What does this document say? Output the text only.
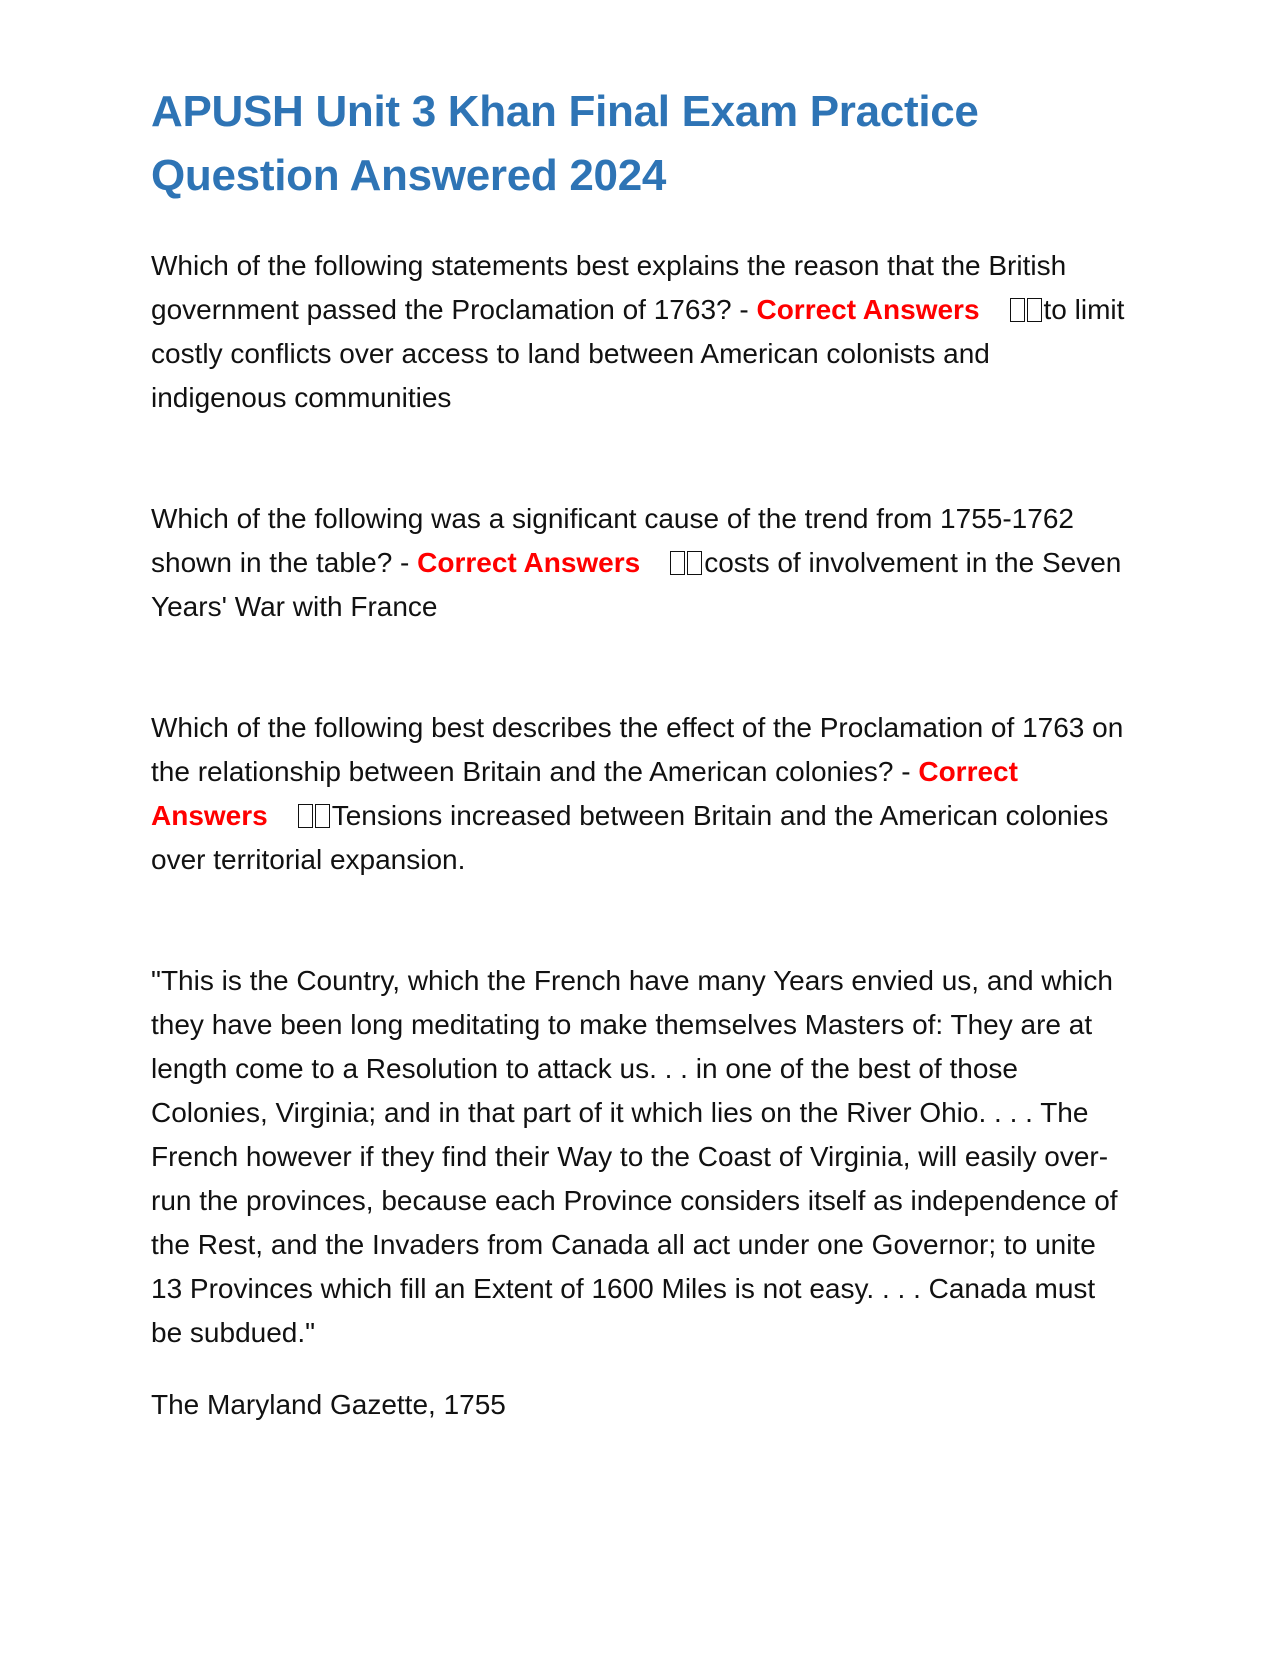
APUSH Unit 3 Khan Final Exam Practice Question Answered 2024

Which of the following statements best explains the reason that the British government passed the Proclamation of 1763? - Correct Answers to limit costly conflicts over access to land between American colonists and indigenous communities

Which of the following was a significant cause of the trend from 1755-1762 shown in the table? - Correct Answers costs of involvement in the Seven Years' War with France

Which of the following best describes the effect of the Proclamation of 1763 on the relationship between Britain and the American colonies? - Correct Answers Tensions increased between Britain and the American colonies over territorial expansion.

"This is the Country, which the French have many Years envied us, and which they have been long meditating to make themselves Masters of: They are at length come to a Resolution to attack us. . . in one of the best of those Colonies, Virginia; and in that part of it which lies on the River Ohio. . . . The French however if they find their Way to the Coast of Virginia, will easily over-run the provinces, because each Province considers itself as independence of the Rest, and the Invaders from Canada all act under one Governor; to unite 13 Provinces which fill an Extent of 1600 Miles is not easy. . . . Canada must be subdued."

The Maryland Gazette, 1755
